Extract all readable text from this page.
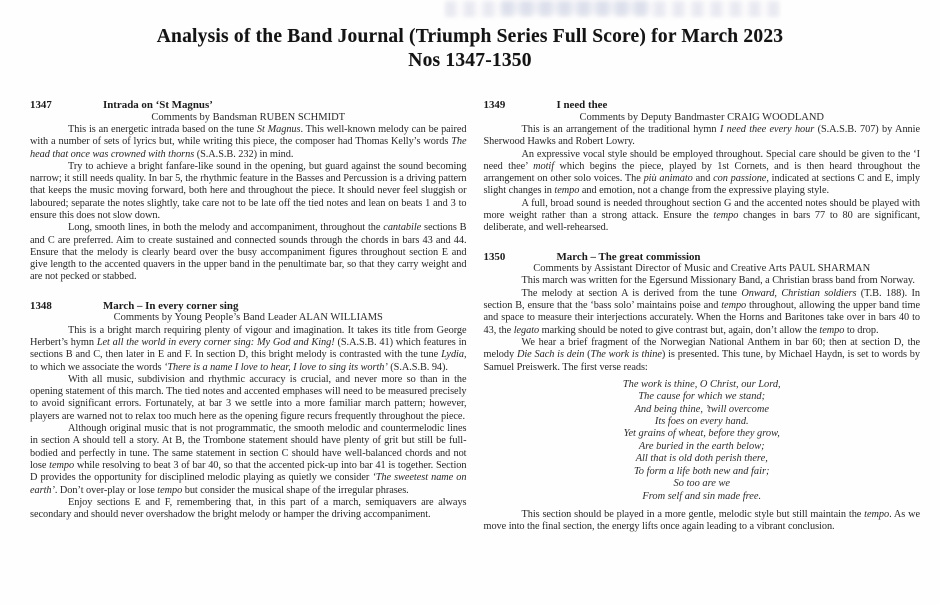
Analysis of the Band Journal (Triumph Series Full Score) for March 2023
Nos 1347-1350
1347	Intrada on ‘St Magnus’
Comments by Bandsman RUBEN SCHMIDT

This is an energetic intrada based on the tune St Magnus. This well-known melody can be paired with a number of sets of lyrics but, while writing this piece, the composer had Thomas Kelly’s words The head that once was crowned with thorns (S.A.S.B. 232) in mind.

Try to achieve a bright fanfare-like sound in the opening, but guard against the sound becoming narrow; it still needs quality. In bar 5, the rhythmic feature in the Basses and Percussion is a driving pattern that keeps the music moving forward, both here and throughout the piece. It should never feel sluggish or laboured; separate the notes slightly, take care not to be late off the tied notes and lean on beats 1 and 3 to ensure this does not slow down.

Long, smooth lines, in both the melody and accompaniment, throughout the cantabile sections B and C are preferred. Aim to create sustained and connected sounds through the chords in bars 43 and 44. Ensure that the melody is clearly beard over the busy accompaniment figures throughout section E and give length to the accented quavers in the upper band in the penultimate bar, so that they carry weight and are not pecked or stabbed.

1348	March – In every corner sing
Comments by Young People’s Band Leader ALAN WILLIAMS

This is a bright march requiring plenty of vigour and imagination. It takes its title from George Herbert’s hymn Let all the world in every corner sing: My God and King! (S.A.S.B. 41) which features in sections B and C, then later in E and F. In section D, this bright melody is contrasted with the tune Lydia, to which we associate the words ‘There is a name I love to hear, I love to sing its worth’ (S.A.S.B. 94).

With all music, subdivision and rhythmic accuracy is crucial, and never more so than in the opening statement of this march. The tied notes and accented emphases will need to be measured precisely to avoid significant errors. Fortunately, at bar 3 we settle into a more familiar march pattern; however, players are warned not to relax too much here as the opening figure recurs frequently throughout the piece.

Although original music that is not programmatic, the smooth melodic and countermelodic lines in section A should tell a story. At B, the Trombone statement should have plenty of grit but still be full-bodied and perfectly in tune. The same statement in section C should have well-balanced chords and not lose tempo while resolving to beat 3 of bar 40, so that the accented pick-up into bar 41 is together. Section D provides the opportunity for disciplined melodic playing as quietly we consider ‘The sweetest name on earth’. Don’t over-play or lose tempo but consider the musical shape of the irregular phrases.

Enjoy sections E and F, remembering that, in this part of a march, semiquavers are always secondary and should never overshadow the bright melody or hamper the driving accompaniment.

1349	I need thee
Comments by Deputy Bandmaster CRAIG WOODLAND

This is an arrangement of the traditional hymn I need thee every hour (S.A.S.B. 707) by Annie Sherwood Hawks and Robert Lowry.

An expressive vocal style should be employed throughout. Special care should be given to the ‘I need thee’ motif which begins the piece, played by 1st Cornets, and is then heard throughout the arrangement on other solo voices. The più animato and con passione, indicated at sections C and E, imply slight changes in tempo and emotion, not a change from the expressive playing style.

A full, broad sound is needed throughout section G and the accented notes should be played with more weight rather than a strong attack. Ensure the tempo changes in bars 77 to 80 are significant, deliberate, and well-rehearsed.

1350	March – The great commission
Comments by Assistant Director of Music and Creative Arts PAUL SHARMAN

This march was written for the Egersund Missionary Band, a Christian brass band from Norway.

The melody at section A is derived from the tune Onward, Christian soldiers (T.B. 188). In section B, ensure that the ‘bass solo’ maintains poise and tempo throughout, allowing the upper band time and space to measure their interjections accurately. When the Horns and Baritones take over in bars 40 to 43, the legato marking should be noted to give contrast but, again, don’t allow the tempo to drop.

We hear a brief fragment of the Norwegian National Anthem in bar 60; then at section D, the melody Die Sach is dein (The work is thine) is presented. This tune, by Michael Haydn, is set to words by Samuel Preiswerk. The first verse reads:

The work is thine, O Christ, our Lord,
The cause for which we stand;
And being thine, ’twill overcome
Its foes on every hand.
Yet grains of wheat, before they grow,
Are buried in the earth below;
All that is old doth perish there,
To form a life both new and fair;
So too are we
From self and sin made free.

This section should be played in a more gentle, melodic style but still maintain the tempo. As we move into the final section, the energy lifts once again leading to a vibrant conclusion.
